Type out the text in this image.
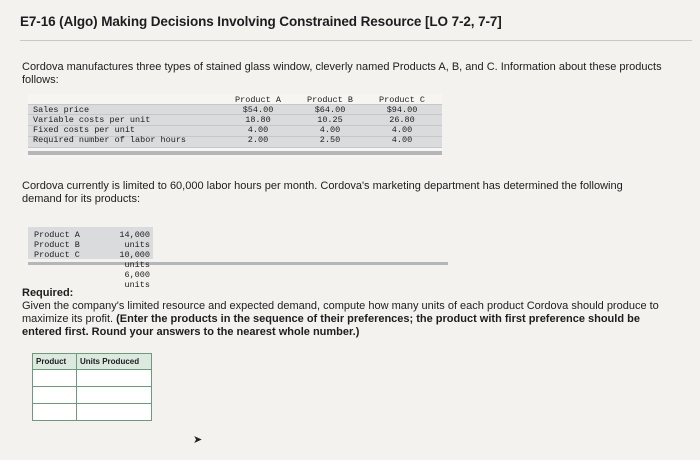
E7-16 (Algo) Making Decisions Involving Constrained Resource [LO 7-2, 7-7]
Cordova manufactures three types of stained glass window, cleverly named Products A, B, and C. Information about these products follows:
Sales price
Variable costs per unit
Fixed costs per unit
Required number of labor hours
Product A
$54.00
18.80
4.00
2.00
Product B
$64.00
10.25
4.00
2.50
Product C
$94.00
26.80
4.00
4.00
Cordova currently is limited to 60,000 labor hours per month. Cordova's marketing department has determined the following demand for its products:
Product A
Product B
Product C
14,000 units
10,000 units
6,000 units
Required:
Given the company's limited resource and expected demand, compute how many units of each product Cordova should produce to maximize its profit. (Enter the products in the sequence of their preferences; the product with first preference should be entered first. Round your answers to the nearest whole number.)
Product	Units Produced
➤
